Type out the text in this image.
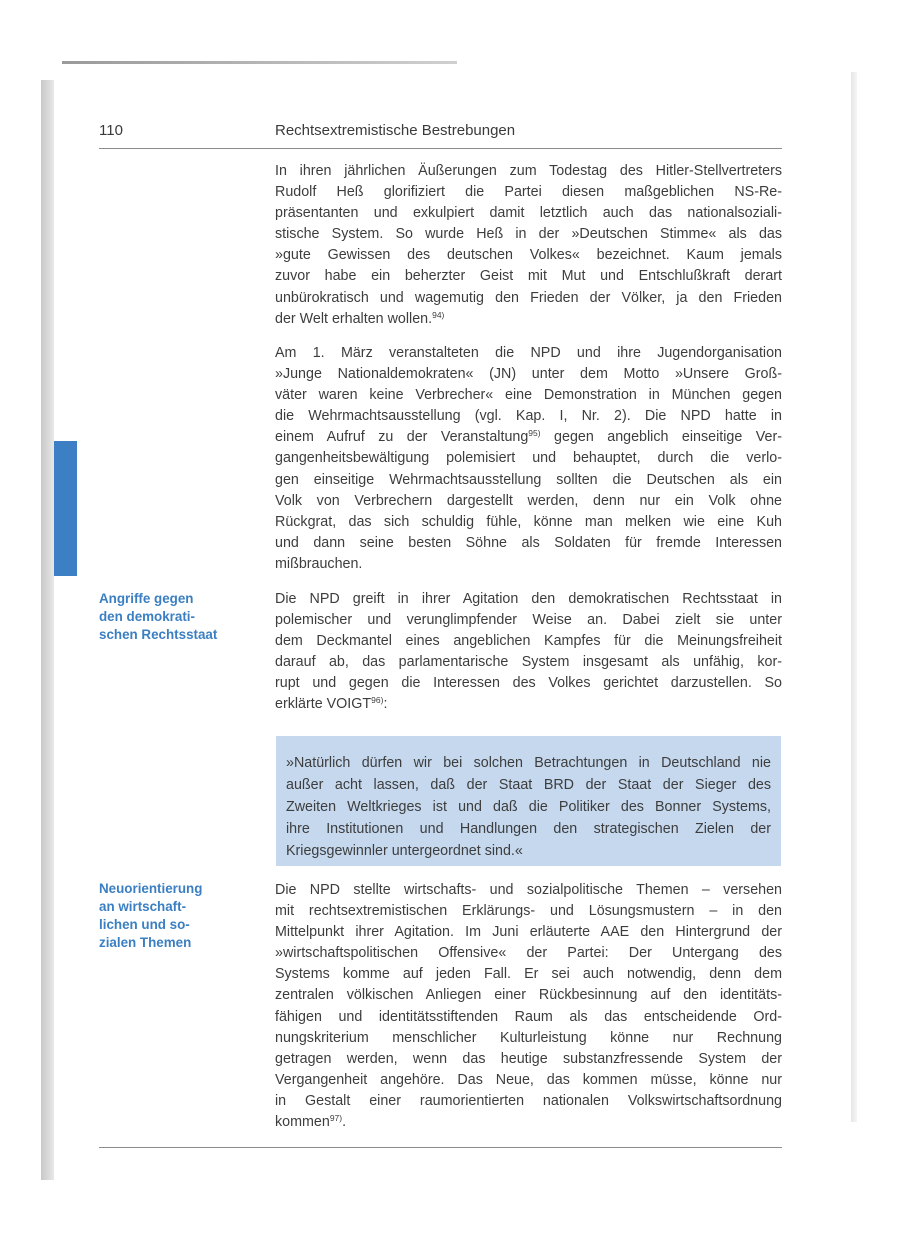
110	Rechtsextremistische Bestrebungen
In ihren jährlichen Äußerungen zum Todestag des Hitler-Stellvertreters
Rudolf Heß glorifiziert die Partei diesen maßgeblichen NS-Re-
präsentanten und exkulpiert damit letztlich auch das nationalsoziali-
stische System. So wurde Heß in der »Deutschen Stimme« als das
»gute Gewissen des deutschen Volkes« bezeichnet. Kaum jemals
zuvor habe ein beherzter Geist mit Mut und Entschlußkraft derart
unbürokratisch und wagemutig den Frieden der Völker, ja den Frieden
der Welt erhalten wollen.$^{94)}$
Am 1. März veranstalteten die NPD und ihre Jugendorganisation
»Junge Nationaldemokraten« (JN) unter dem Motto »Unsere Groß-
väter waren keine Verbrecher« eine Demonstration in München gegen
die Wehrmachtsausstellung (vgl. Kap. I, Nr. 2). Die NPD hatte in
einem Aufruf zu der Veranstaltung$^{95)}$ gegen angeblich einseitige Ver-
gangenheitsbewältigung polemisiert und behauptet, durch die verlo-
gen einseitige Wehrmachtsausstellung sollten die Deutschen als ein
Volk von Verbrechern dargestellt werden, denn nur ein Volk ohne
Rückgrat, das sich schuldig fühle, könne man melken wie eine Kuh
und dann seine besten Söhne als Soldaten für fremde Interessen
mißbrauchen.
Angriffe gegen
den demokrati-
schen Rechtsstaat
Die NPD greift in ihrer Agitation den demokratischen Rechtsstaat in
polemischer und verunglimpfender Weise an. Dabei zielt sie unter
dem Deckmantel eines angeblichen Kampfes für die Meinungsfreiheit
darauf ab, das parlamentarische System insgesamt als unfähig, kor-
rupt und gegen die Interessen des Volkes gerichtet darzustellen. So
erklärte VOIGT$^{96)}$:
»Natürlich dürfen wir bei solchen Betrachtungen in Deutschland nie
außer acht lassen, daß der Staat BRD der Staat der Sieger des
Zweiten Weltkrieges ist und daß die Politiker des Bonner Systems,
ihre Institutionen und Handlungen den strategischen Zielen der
Kriegsgewinnler untergeordnet sind.«
Neuorientierung
an wirtschaft-
lichen und so-
zialen Themen
Die NPD stellte wirtschafts- und sozialpolitische Themen – versehen
mit rechtsextremistischen Erklärungs- und Lösungsmustern – in den
Mittelpunkt ihrer Agitation. Im Juni erläuterte AAE den Hintergrund der
»wirtschaftspolitischen Offensive« der Partei: Der Untergang des
Systems komme auf jeden Fall. Er sei auch notwendig, denn dem
zentralen völkischen Anliegen einer Rückbesinnung auf den identitäts-
fähigen und identitätsstiftenden Raum als das entscheidende Ord-
nungskriterium menschlicher Kulturleistung könne nur Rechnung
getragen werden, wenn das heutige substanzfressende System der
Vergangenheit angehöre. Das Neue, das kommen müsse, könne nur
in Gestalt einer raumorientierten nationalen Volkswirtschaftsordnung
kommen$^{97)}$.
